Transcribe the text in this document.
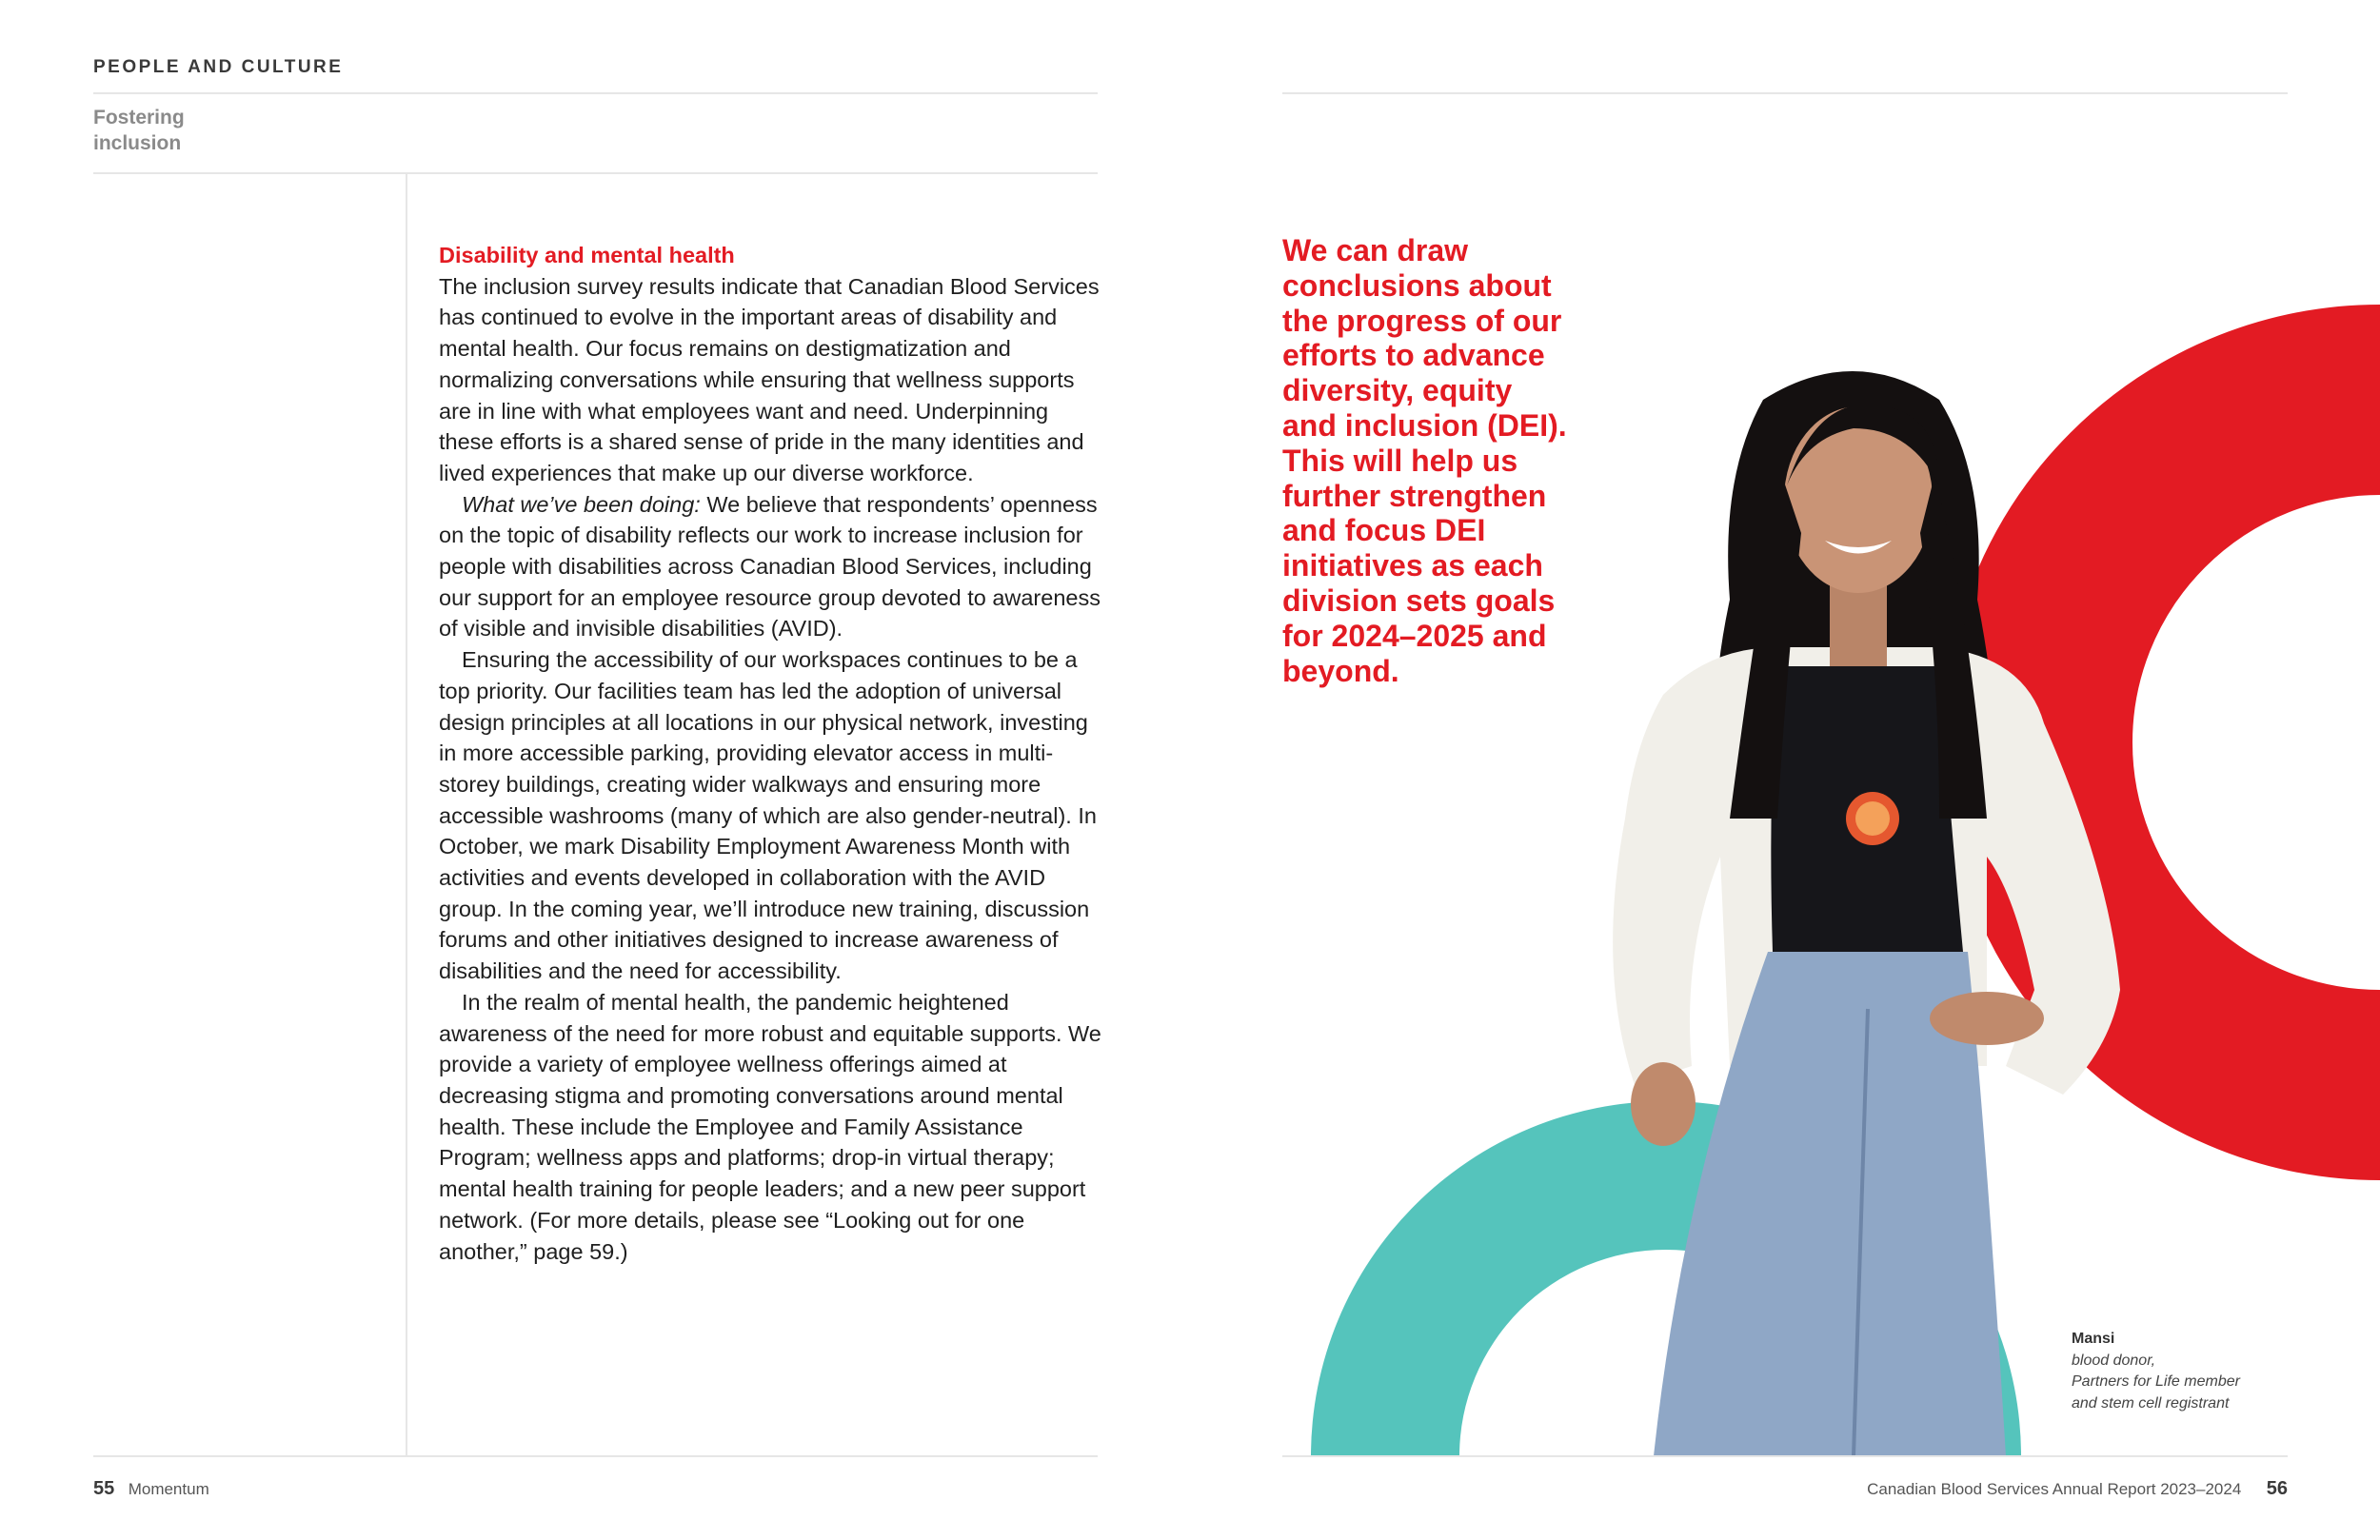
PEOPLE AND CULTURE
Fostering
inclusion
Disability and mental health

The inclusion survey results indicate that Canadian Blood Services has continued to evolve in the important areas of disability and mental health. Our focus remains on destigmatization and normalizing conversations while ensuring that wellness supports are in line with what employees want and need. Underpinning these efforts is a shared sense of pride in the many identities and lived experiences that make up our diverse workforce.

What we’ve been doing: We believe that respondents’ openness on the topic of disability reflects our work to increase inclusion for people with disabilities across Canadian Blood Services, including our support for an employee resource group devoted to awareness of visible and invisible disabilities (AVID).

Ensuring the accessibility of our workspaces continues to be a top priority. Our facilities team has led the adoption of universal design principles at all locations in our physical network, investing in more accessible parking, providing elevator access in multi-storey buildings, creating wider walkways and ensuring more accessible washrooms (many of which are also gender-neutral). In October, we mark Disability Employment Awareness Month with activities and events developed in collaboration with the AVID group. In the coming year, we’ll introduce new training, discussion forums and other initiatives designed to increase awareness of disabilities and the need for accessibility.

In the realm of mental health, the pandemic heightened awareness of the need for more robust and equitable supports. We provide a variety of employee wellness offerings aimed at decreasing stigma and promoting conversations around mental health. These include the Employee and Family Assistance Program; wellness apps and platforms; drop-in virtual therapy; mental health training for people leaders; and a new peer support network. (For more details, please see “Looking out for one another,” page 59.)

55 Momentum
We can draw conclusions about the progress of our efforts to advance diversity, equity and inclusion (DEI). This will help us further strengthen and focus DEI initiatives as each division sets goals for 2024–2025 and beyond.
Mansi
blood donor,
Partners for Life member
and stem cell registrant
Canadian Blood Services Annual Report 2023–2024 56
